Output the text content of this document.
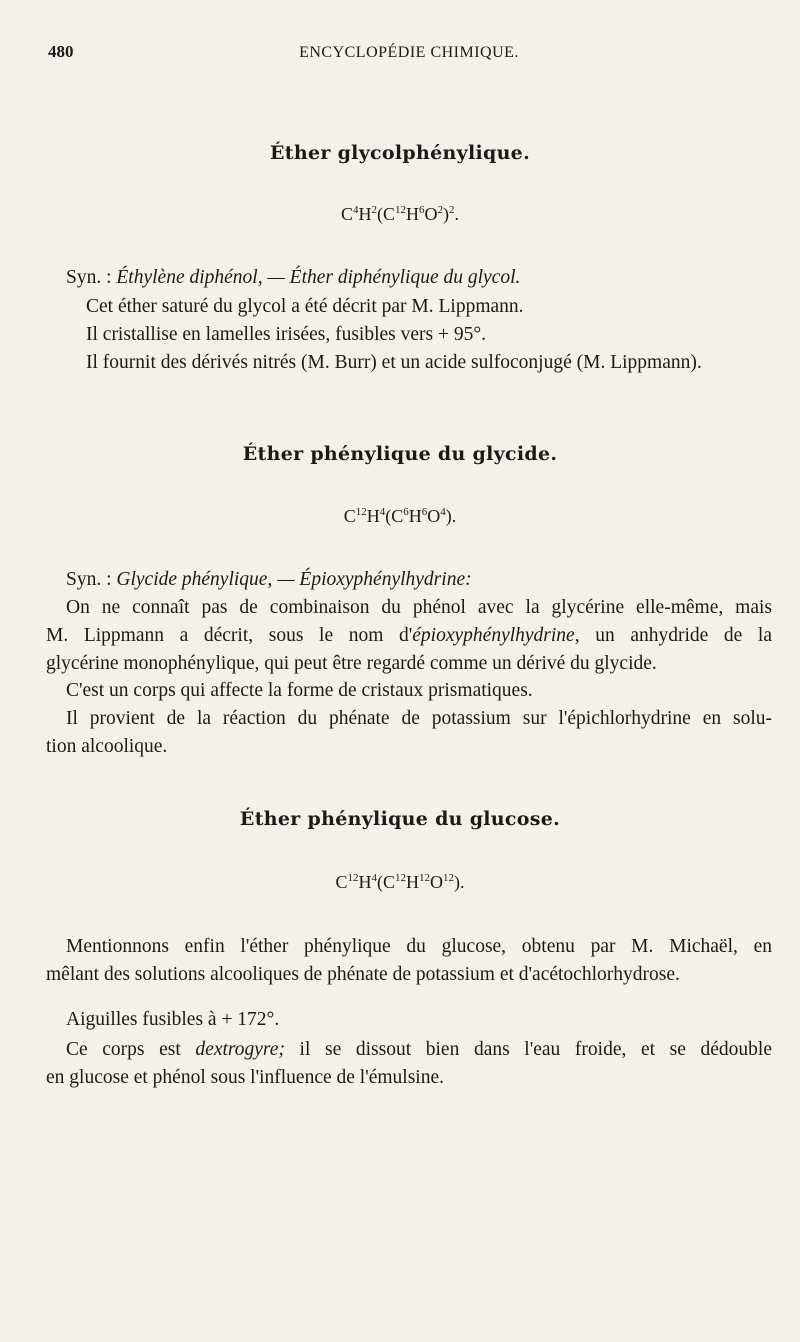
480	ENCYCLOPÉDIE CHIMIQUE.
Éther glycolphénylique.
$C^4H^2(C^{12}H^6O^2)^2$.
Syn. : Éthylène diphénol, — Éther diphénylique du glycol.
Cet éther saturé du glycol a été décrit par M. Lippmann.
Il cristallise en lamelles irisées, fusibles vers + 95°.
Il fournit des dérivés nitrés (M. Burr) et un acide sulfoconjugé (M. Lippmann).
Éther phénylique du glycide.
$C^{12}H^4(C^6H^6O^4)$.
Syn. : Glycide phénylique, — Épioxyphénylhydrine:
On ne connaît pas de combinaison du phénol avec la glycérine elle-même, mais
M. Lippmann a décrit, sous le nom d'épioxyphénylhydrine, un anhydride de la
glycérine monophénylique, qui peut être regardé comme un dérivé du glycide.
C'est un corps qui affecte la forme de cristaux prismatiques.
Il provient de la réaction du phénate de potassium sur l'épichlorhydrine en solu-
tion alcoolique.
Éther phénylique du glucose.
$C^{12}H^4(C^{12}H^{12}O^{12})$.
Mentionnons enfin l'éther phénylique du glucose, obtenu par M. Michaël, en
mêlant des solutions alcooliques de phénate de potassium et d'acétochlorhydrose.
Aiguilles fusibles à + 172°.
Ce corps est dextrogyre; il se dissout bien dans l'eau froide, et se dédouble
en glucose et phénol sous l'influence de l'émulsine.
